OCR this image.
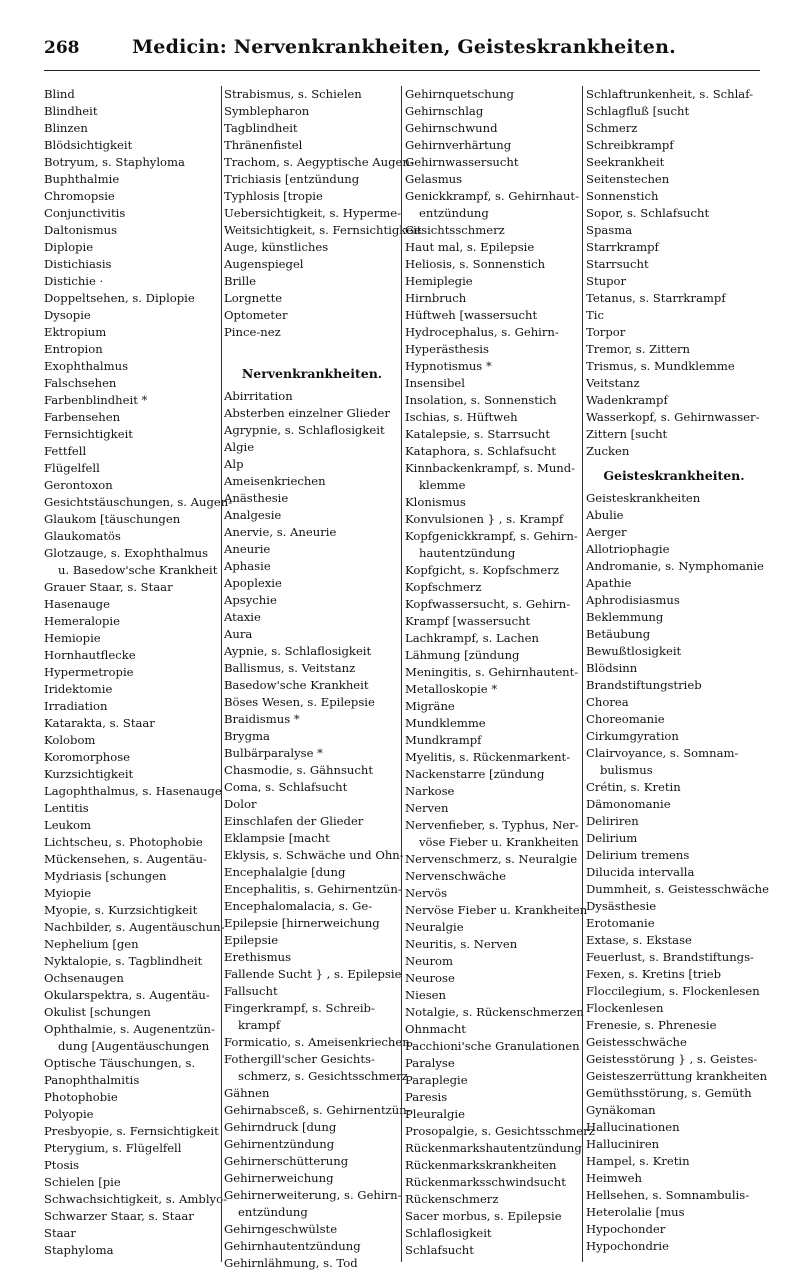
268	Medicin: Nervenkrankheiten, Geisteskrankheiten.
Blind
Blindheit
Blinzen
Blödsichtigkeit
Botryum, s. Staphyloma
Buphthalmie
Chromopsie
Conjunctivitis
Daltonismus
Diplopie
Distichiasis
Distichie ·
Doppeltsehen, s. Diplopie
Dysopie
Ektropium
Entropion
Exophthalmus
Falschsehen
Farbenblindheit *
Farbensehen
Fernsichtigkeit
Fettfell
Flügelfell
Gerontoxon
Gesichtstäuschungen, s. Augen-
Glaukom [täuschungen
Glaukomatös
Glotzauge, s. Exophthalmus
u. Basedow'sche Krankheit
Grauer Staar, s. Staar
Hasenauge
Hemeralopie
Hemiopie
Hornhautflecke
Hypermetropie
Iridektomie
Irradiation
Katarakta, s. Staar
Kolobom
Koromorphose
Kurzsichtigkeit
Lagophthalmus, s. Hasenauge
Lentitis
Leukom
Lichtscheu, s. Photophobie
Mückensehen, s. Augentäu-
Mydriasis [schungen
Myiopie
Myopie, s. Kurzsichtigkeit
Nachbilder, s. Augentäuschun-
Nephelium [gen
Nyktalopie, s. Tagblindheit
Ochsenaugen
Okularspektra, s. Augentäu-
Okulist [schungen
Ophthalmie, s. Augenentzün-
dung [Augentäuschungen
Optische Täuschungen, s.
Panophthalmitis
Photophobie
Polyopie
Presbyopie, s. Fernsichtigkeit
Pterygium, s. Flügelfell
Ptosis
Schielen [pie
Schwachsichtigkeit, s. Amblyo-
Schwarzer Staar, s. Staar
Staar
Staphyloma
Strabismus, s. Schielen
Symblepharon
Tagblindheit
Thränenfistel
Trachom, s. Aegyptische Augen-
Trichiasis [entzündung
Typhlosis [tropie
Uebersichtigkeit, s. Hyperme-
Weitsichtigkeit, s. Fernsichtigkeit
Auge, künstliches
Augenspiegel
Brille
Lorgnette
Optometer
Pince-nez
Nervenkrankheiten.
Abirritation
Absterben einzelner Glieder
Agrypnie, s. Schlaflosigkeit
Algie
Alp
Ameisenkriechen
Anästhesie
Analgesie
Anervie, s. Aneurie
Aneurie
Aphasie
Apoplexie
Apsychie
Ataxie
Aura
Aypnie, s. Schlaflosigkeit
Ballismus, s. Veitstanz
Basedow'sche Krankheit
Böses Wesen, s. Epilepsie
Braidismus *
Brygma
Bulbärparalyse *
Chasmodie, s. Gähnsucht
Coma, s. Schlafsucht
Dolor
Einschlafen der Glieder
Eklampsie [macht
Eklysis, s. Schwäche und Ohn-
Encephalalgie [dung
Encephalitis, s. Gehirnentzün-
Encephalomalacia, s. Ge-
Epilepsie [hirnerweichung
Epilepsie
Erethismus
Fallende Sucht } , s. Epilepsie
Fallsucht
Fingerkrampf, s. Schreib-
krampf
Formicatio, s. Ameisenkriechen
Fothergill'scher Gesichts-
schmerz, s. Gesichtsschmerz
Gähnen
Gehirnabsceß, s. Gehirnentzün-
Gehirndruck [dung
Gehirnentzündung
Gehirnerschütterung
Gehirnerweichung
Gehirnerweiterung, s. Gehirn-
entzündung
Gehirngeschwülste
Gehirnhautentzündung
Gehirnlähmung, s. Tod
Gehirnquetschung
Gehirnschlag
Gehirnschwund
Gehirnverhärtung
Gehirnwassersucht
Gelasmus
Genickkrampf, s. Gehirnhaut-
entzündung
Gesichtsschmerz
Haut mal, s. Epilepsie
Heliosis, s. Sonnenstich
Hemiplegie
Hirnbruch
Hüftweh [wassersucht
Hydrocephalus, s. Gehirn-
Hyperästhesis
Hypnotismus *
Insensibel
Insolation, s. Sonnenstich
Ischias, s. Hüftweh
Katalepsie, s. Starrsucht
Kataphora, s. Schlafsucht
Kinnbackenkrampf, s. Mund-
klemme
Klonismus
Konvulsionen } , s. Krampf
Kopfgenickkrampf, s. Gehirn-
hautentzündung
Kopfgicht, s. Kopfschmerz
Kopfschmerz
Kopfwassersucht, s. Gehirn-
Krampf [wassersucht
Lachkrampf, s. Lachen
Lähmung [zündung
Meningitis, s. Gehirnhautent-
Metalloskopie *
Migräne
Mundklemme
Mundkrampf
Myelitis, s. Rückenmarkent-
Nackenstarre [zündung
Narkose
Nerven
Nervenfieber, s. Typhus, Ner-
vöse Fieber u. Krankheiten
Nervenschmerz, s. Neuralgie
Nervenschwäche
Nervös
Nervöse Fieber u. Krankheiten
Neuralgie
Neuritis, s. Nerven
Neurom
Neurose
Niesen
Notalgie, s. Rückenschmerzen
Ohnmacht
Pacchioni'sche Granulationen
Paralyse
Paraplegie
Paresis
Pleuralgie
Prosopalgie, s. Gesichtsschmerz
Rückenmarkshautentzündung
Rückenmarkskrankheiten
Rückenmarksschwindsucht
Rückenschmerz
Sacer morbus, s. Epilepsie
Schlaflosigkeit
Schlafsucht
Schlaftrunkenheit, s. Schlaf-
Schlagfluß [sucht
Schmerz
Schreibkrampf
Seekrankheit
Seitenstechen
Sonnenstich
Sopor, s. Schlafsucht
Spasma
Starrkrampf
Starrsucht
Stupor
Tetanus, s. Starrkrampf
Tic
Torpor
Tremor, s. Zittern
Trismus, s. Mundklemme
Veitstanz
Wadenkrampf
Wasserkopf, s. Gehirnwasser-
Zittern [sucht
Zucken
Geisteskrankheiten.
Geisteskrankheiten
Abulie
Aerger
Allotriophagie
Andromanie, s. Nymphomanie
Apathie
Aphrodisiasmus
Beklemmung
Betäubung
Bewußtlosigkeit
Blödsinn
Brandstiftungstrieb
Chorea
Choreomanie
Cirkumgyration
Clairvoyance, s. Somnam-
bulismus
Crétin, s. Kretin
Dämonomanie
Deliriren
Delirium
Delirium tremens
Dilucida intervalla
Dummheit, s. Geistesschwäche
Dysästhesie
Erotomanie
Extase, s. Ekstase
Feuerlust, s. Brandstiftungs-
Fexen, s. Kretins [trieb
Floccilegium, s. Flockenlesen
Flockenlesen
Frenesie, s. Phrenesie
Geistesschwäche
Geistesstörung } , s. Geistes-
Geisteszerrüttung krankheiten
Gemüthsstörung, s. Gemüth
Gynäkoman
Hallucinationen
Halluciniren
Hampel, s. Kretin
Heimweh
Hellsehen, s. Somnambulis-
Heterolalie [mus
Hypochonder
Hypochondrie
